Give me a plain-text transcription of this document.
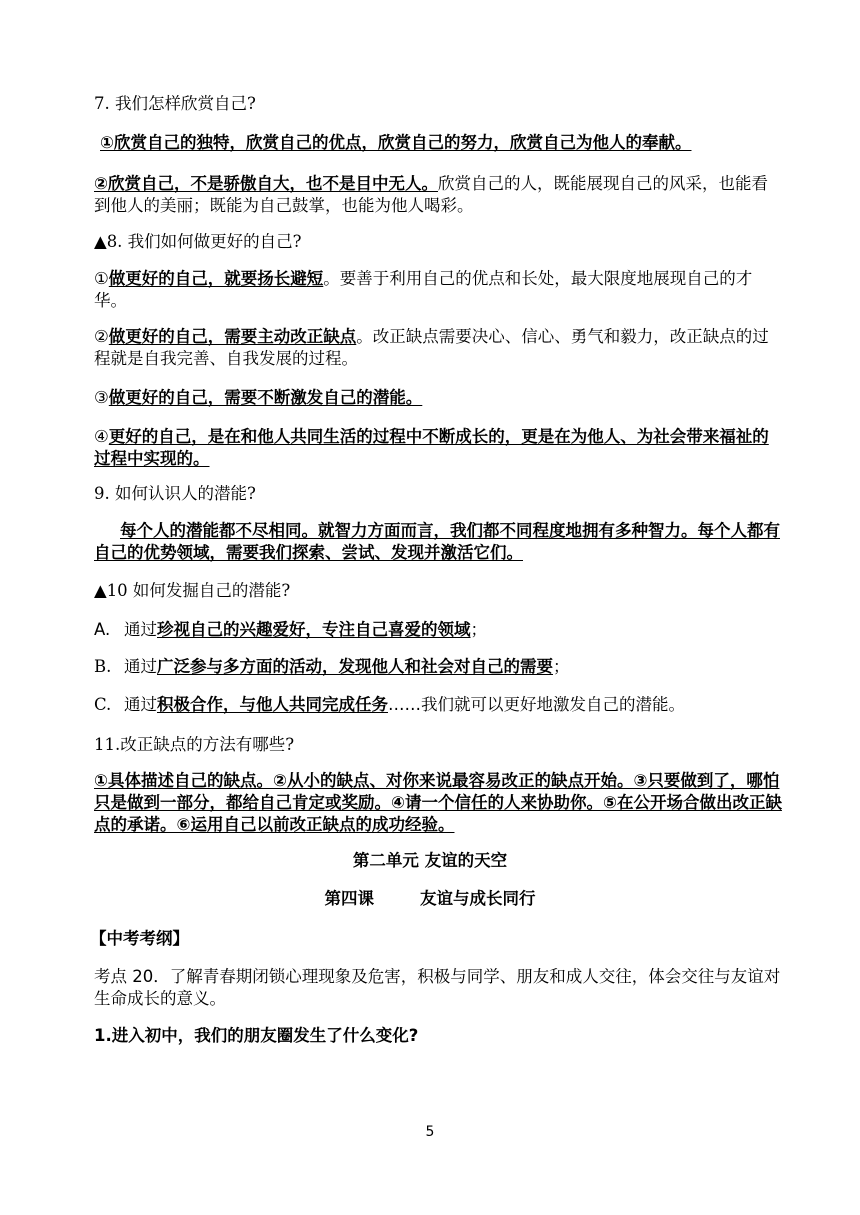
7. 我们怎样欣赏自己?

①欣赏自己的独特，欣赏自己的优点，欣赏自己的努力，欣赏自己为他人的奉献。

②欣赏自己，不是骄傲自大，也不是目中无人。欣赏自己的人，既能展现自己的风采，也能看到他人的美丽；既能为自己鼓掌，也能为他人喝彩。

▲8. 我们如何做更好的自己?

①做更好的自己，就要扬长避短。要善于利用自己的优点和长处，最大限度地展现自己的才华。

②做更好的自己，需要主动改正缺点。改正缺点需要决心、信心、勇气和毅力，改正缺点的过程就是自我完善、自我发展的过程。

③做更好的自己，需要不断激发自己的潜能。

④更好的自己，是在和他人共同生活的过程中不断成长的，更是在为他人、为社会带来福祉的过程中实现的。

9. 如何认识人的潜能?

每个人的潜能都不尽相同。就智力方面而言，我们都不同程度地拥有多种智力。每个人都有自己的优势领域，需要我们探索、尝试、发现并激活它们。

▲10 如何发掘自己的潜能?

A. 通过珍视自己的兴趣爱好，专注自己喜爱的领域；

B. 通过广泛参与多方面的活动，发现他人和社会对自己的需要；

C. 通过积极合作，与他人共同完成任务……我们就可以更好地激发自己的潜能。

11.改正缺点的方法有哪些?

①具体描述自己的缺点。②从小的缺点、对你来说最容易改正的缺点开始。③只要做到了，哪怕只是做到一部分，都给自己肯定或奖励。④请一个信任的人来协助你。⑤在公开场合做出改正缺点的承诺。⑥运用自己以前改正缺点的成功经验。

第二单元 友谊的天空

第四课        友谊与成长同行

【中考考纲】

考点 20．了解青春期闭锁心理现象及危害，积极与同学、朋友和成人交往，体会交往与友谊对生命成长的意义。

1.进入初中，我们的朋友圈发生了什么变化?

5
